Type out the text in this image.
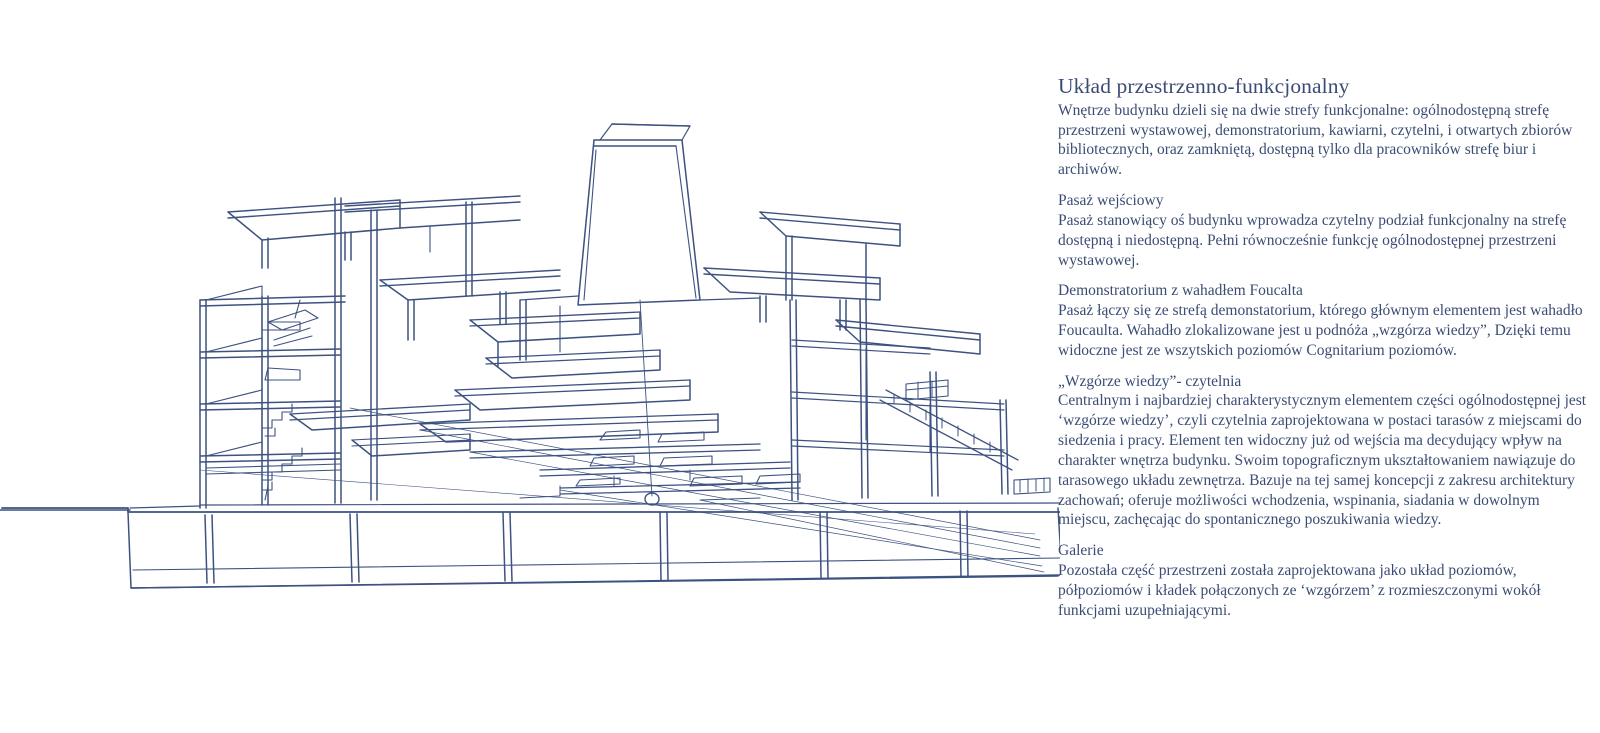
Układ przestrzenno-funkcjonalny

Wnętrze budynku dzieli się na dwie strefy funkcjonalne: ogólnodostępną strefę przestrzeni wystawowej, demonstratorium, kawiarni, czytelni, i otwartych zbiorów bibliotecznych, oraz zamkniętą, dostępną tylko dla pracowników strefę biur i archiwów.

Pasaż wejściowy

Pasaż stanowiący oś budynku wprowadza czytelny podział funkcjonalny na strefę dostępną i niedostępną. Pełni równocześnie funkcję ogólnodostępnej przestrzeni wystawowej.

Demonstratorium z wahadłem Foucalta

Pasaż łączy się ze strefą demonstatorium, którego głównym elementem jest wahadło Foucaulta. Wahadło zlokalizowane jest u podnóża „wzgórza wiedzy”, Dzięki temu widoczne jest ze wszytskich poziomów Cognitarium poziomów.

„Wzgórze wiedzy”- czytelnia

Centralnym i najbardziej charakterystycznym elementem części ogólnodostępnej jest ‘wzgórze wiedzy’, czyli czytelnia zaprojektowana w postaci tarasów z miejscami do siedzenia i pracy. Element ten widoczny już od wejścia ma decydujący wpływ na charakter wnętrza budynku. Swoim topograficznym ukształtowaniem nawiązuje do tarasowego układu zewnętrza. Bazuje na tej samej koncepcji z zakresu architektury zachowań; oferuje możliwości wchodzenia, wspinania, siadania w dowolnym miejscu, zachęcając do spontanicznego poszukiwania wiedzy.

Galerie

Pozostała część przestrzeni została zaprojektowana jako układ poziomów, półpoziomów i kładek połączonych ze ‘wzgórzem’ z rozmieszczonymi wokół funkcjami uzupełniającymi.
